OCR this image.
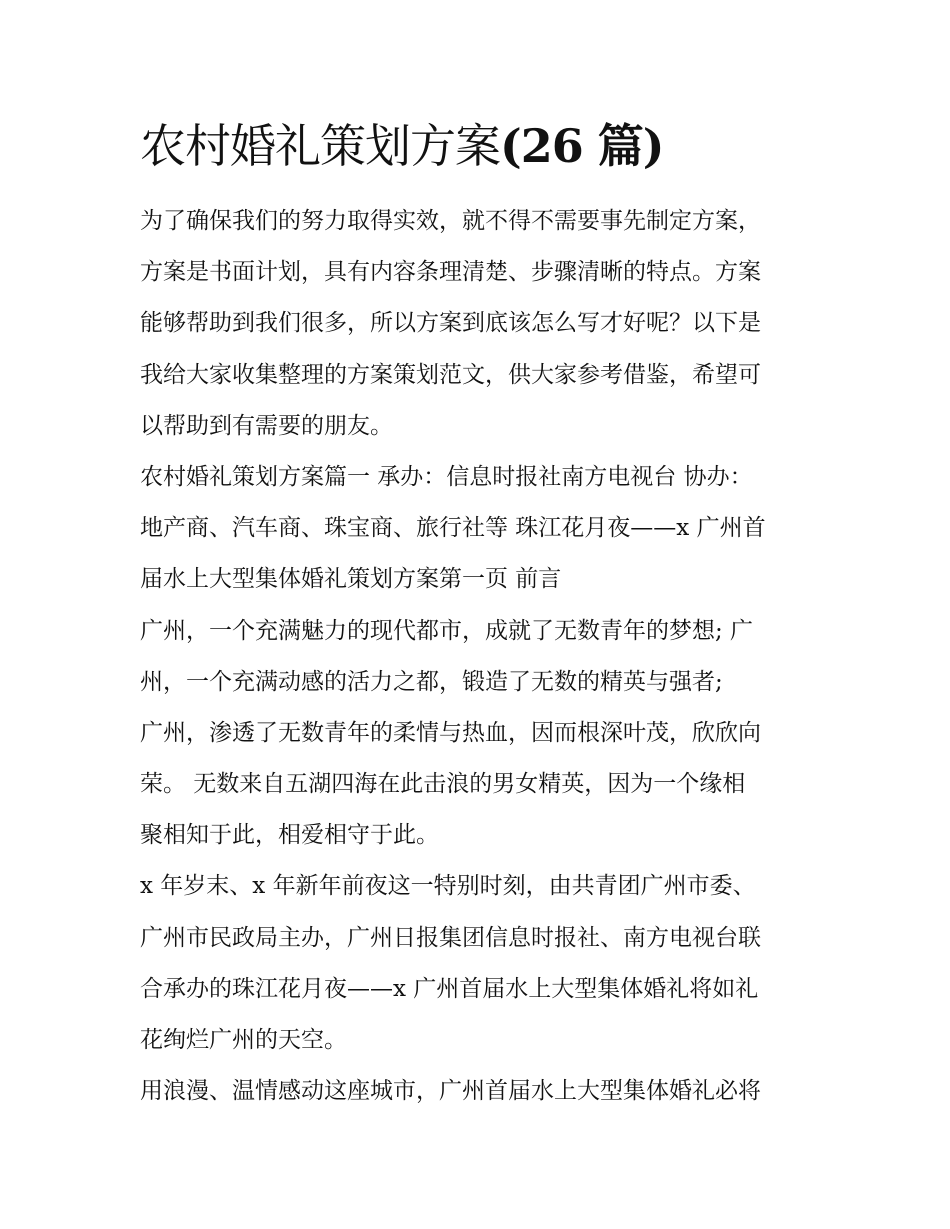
农村婚礼策划方案(26 篇)
为了确保我们的努力取得实效，就不得不需要事先制定方案，
方案是书面计划，具有内容条理清楚、步骤清晰的特点。方案
能够帮助到我们很多，所以方案到底该怎么写才好呢？以下是
我给大家收集整理的方案策划范文，供大家参考借鉴，希望可
以帮助到有需要的朋友。
农村婚礼策划方案篇一 承办：信息时报社南方电视台 协办：
地产商、汽车商、珠宝商、旅行社等 珠江花月夜——x 广州首
届水上大型集体婚礼策划方案第一页 前言
广州，一个充满魅力的现代都市，成就了无数青年的梦想; 广
州，一个充满动感的活力之都，锻造了无数的精英与强者;
广州，渗透了无数青年的柔情与热血，因而根深叶茂，欣欣向
荣。 无数来自五湖四海在此击浪的男女精英，因为一个缘相
聚相知于此，相爱相守于此。
x 年岁末、x 年新年前夜这一特别时刻，由共青团广州市委、
广州市民政局主办，广州日报集团信息时报社、南方电视台联
合承办的珠江花月夜——x 广州首届水上大型集体婚礼将如礼
花绚烂广州的天空。
用浪漫、温情感动这座城市，广州首届水上大型集体婚礼必将
